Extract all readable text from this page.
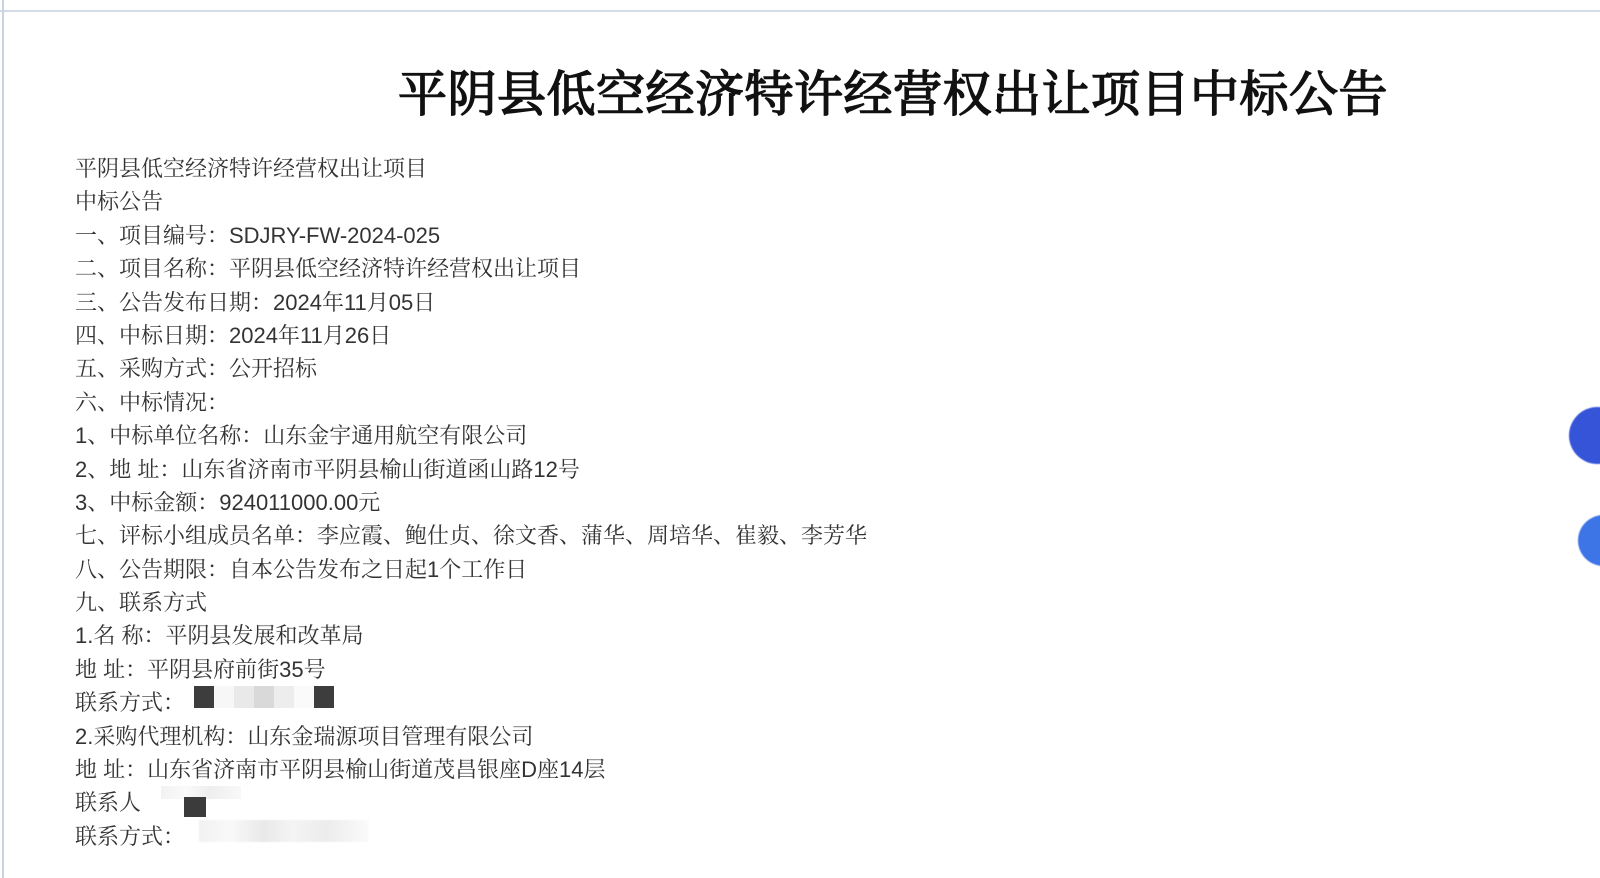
平阴县低空经济特许经营权出让项目中标公告
平阴县低空经济特许经营权出让项目
中标公告
一、项目编号：SDJRY-FW-2024-025
二、项目名称：平阴县低空经济特许经营权出让项目
三、公告发布日期：2024年11月05日
四、中标日期：2024年11月26日
五、采购方式：公开招标
六、中标情况：
1、中标单位名称：山东金宇通用航空有限公司
2、地 址：山东省济南市平阴县榆山街道函山路12号
3、中标金额：924011000.00元
七、评标小组成员名单：李应霞、鲍仕贞、徐文香、蒲华、周培华、崔毅、李芳华
八、公告期限：自本公告发布之日起1个工作日
九、联系方式
1.名 称：平阴县发展和改革局
地 址：平阴县府前街35号
联系方式：
2.采购代理机构：山东金瑞源项目管理有限公司
地 址：山东省济南市平阴县榆山街道茂昌银座D座14层
联系人
联系方式：
